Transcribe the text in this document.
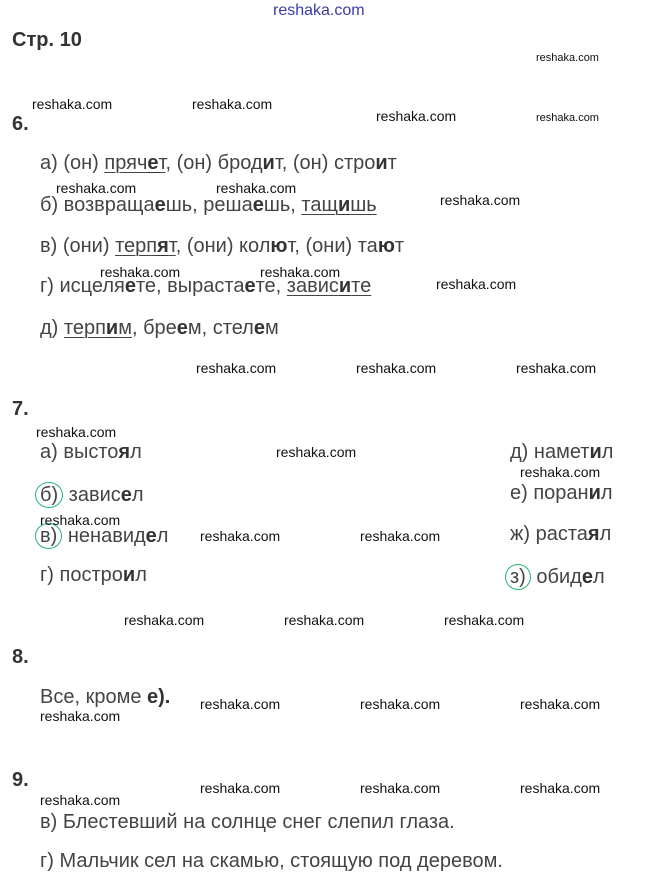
reshaka.com
Стр. 10
6.
а) (он) прячет, (он) бродит, (он) строит
б) возвращаешь, решаешь, тащишь
в) (они) терпят, (они) колют, (они) тают
г) исцеляете, вырастаете, зависите
д) терпим, бреем, стелем
7.
а) выстоял
б) зависел
в) ненавидел
г) построил
д) наметил
е) поранил
ж) растаял
з) обидел
8.
Все, кроме е).
9.
в) Блестевший на солнце снег слепил глаза.
г) Мальчик сел на скамью, стоящую под деревом.
reshaka.com
reshaka.com	reshaka.com
reshaka.com	reshaka.com
reshaka.com	reshaka.com
reshaka.com
reshaka.com	reshaka.com
reshaka.com
reshaka.com	reshaka.com	reshaka.com
reshaka.com
reshaka.com
reshaka.com
reshaka.com
reshaka.com	reshaka.com
reshaka.com	reshaka.com	reshaka.com
reshaka.com	reshaka.com	reshaka.com
reshaka.com
reshaka.com	reshaka.com	reshaka.com
reshaka.com
